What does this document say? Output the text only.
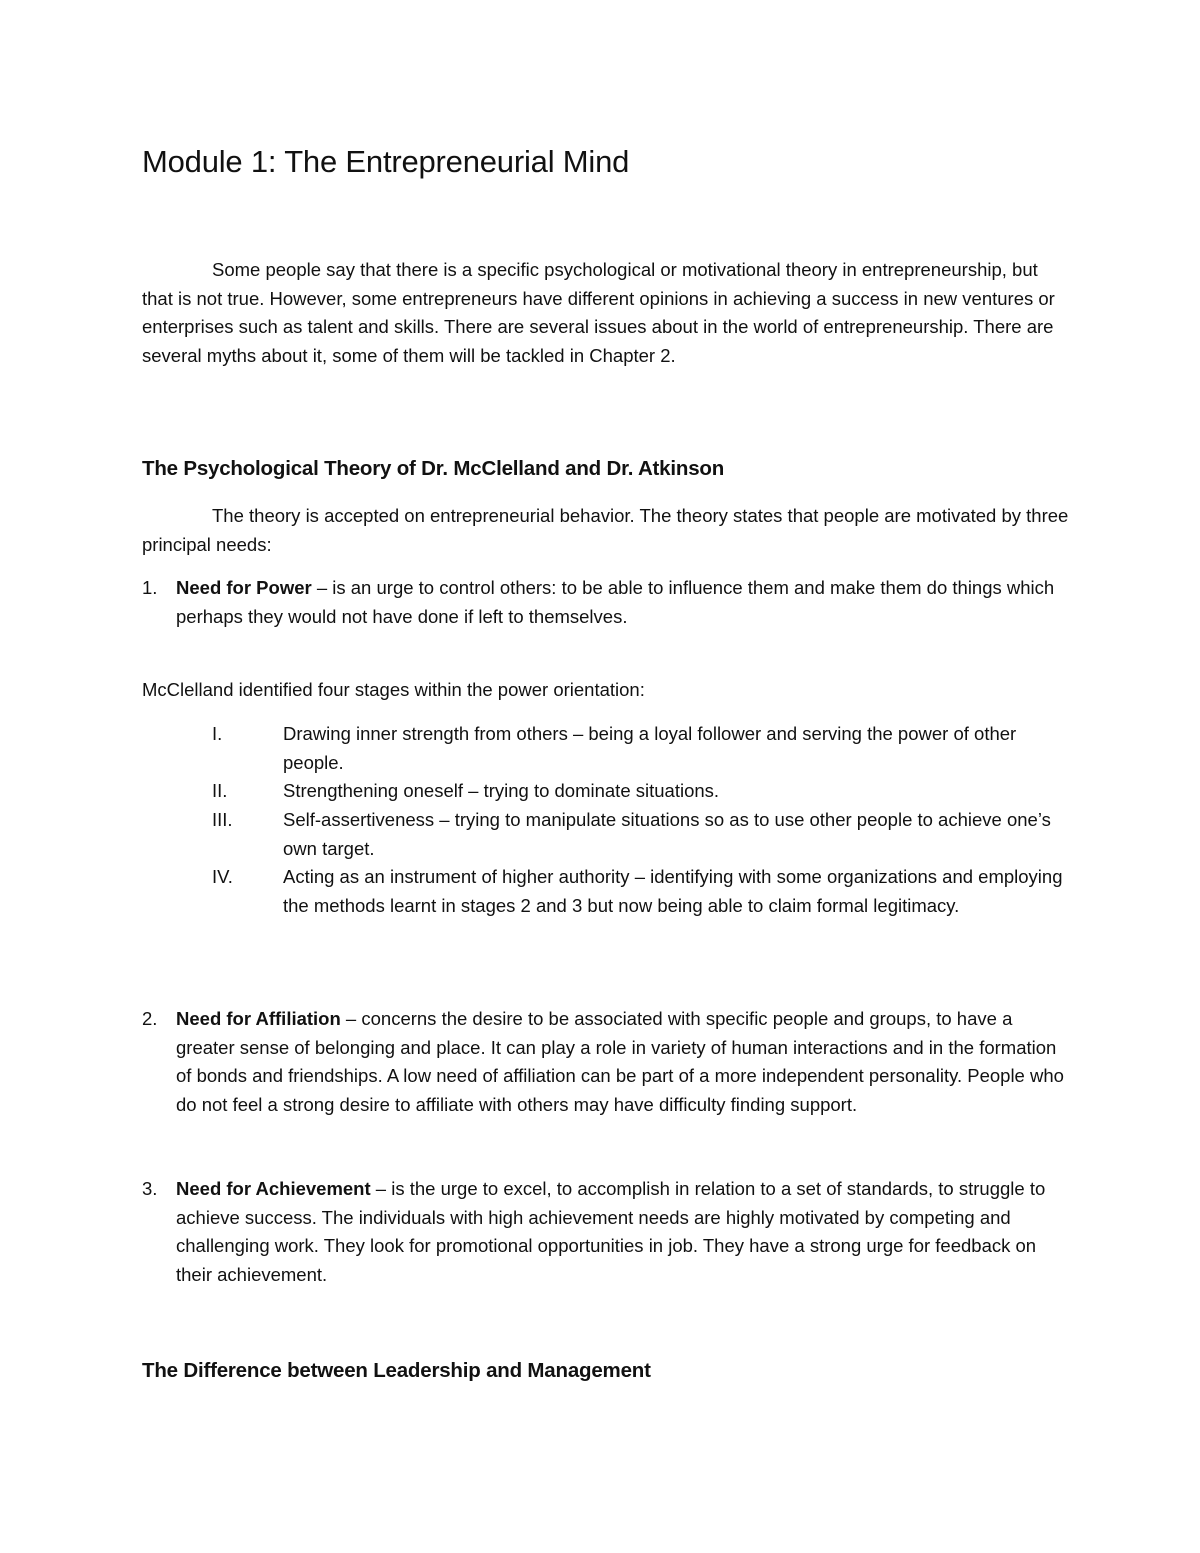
Module 1: The Entrepreneurial Mind

Some people say that there is a specific psychological or motivational theory in entrepreneurship, but that is not true. However, some entrepreneurs have different opinions in achieving a success in new ventures or enterprises such as talent and skills. There are several issues about in the world of entrepreneurship. There are several myths about it, some of them will be tackled in Chapter 2.

The Psychological Theory of Dr. McClelland and Dr. Atkinson

The theory is accepted on entrepreneurial behavior. The theory states that people are motivated by three principal needs:

1.	Need for Power – is an urge to control others: to be able to influence them and make them do things which perhaps they would not have done if left to themselves.

McClelland identified four stages within the power orientation:

I.	Drawing inner strength from others – being a loyal follower and serving the power of other people.
II.	Strengthening oneself – trying to dominate situations.
III.	Self-assertiveness – trying to manipulate situations so as to use other people to achieve one’s own target.
IV.	Acting as an instrument of higher authority – identifying with some organizations and employing the methods learnt in stages 2 and 3 but now being able to claim formal legitimacy.
2.	Need for Affiliation – concerns the desire to be associated with specific people and groups, to have a greater sense of belonging and place. It can play a role in variety of human interactions and in the formation of bonds and friendships. A low need of affiliation can be part of a more independent personality. People who do not feel a strong desire to affiliate with others may have difficulty finding support.
3.	Need for Achievement – is the urge to excel, to accomplish in relation to a set of standards, to struggle to achieve success. The individuals with high achievement needs are highly motivated by competing and challenging work. They look for promotional opportunities in job. They have a strong urge for feedback on their achievement.
The Difference between Leadership and Management
